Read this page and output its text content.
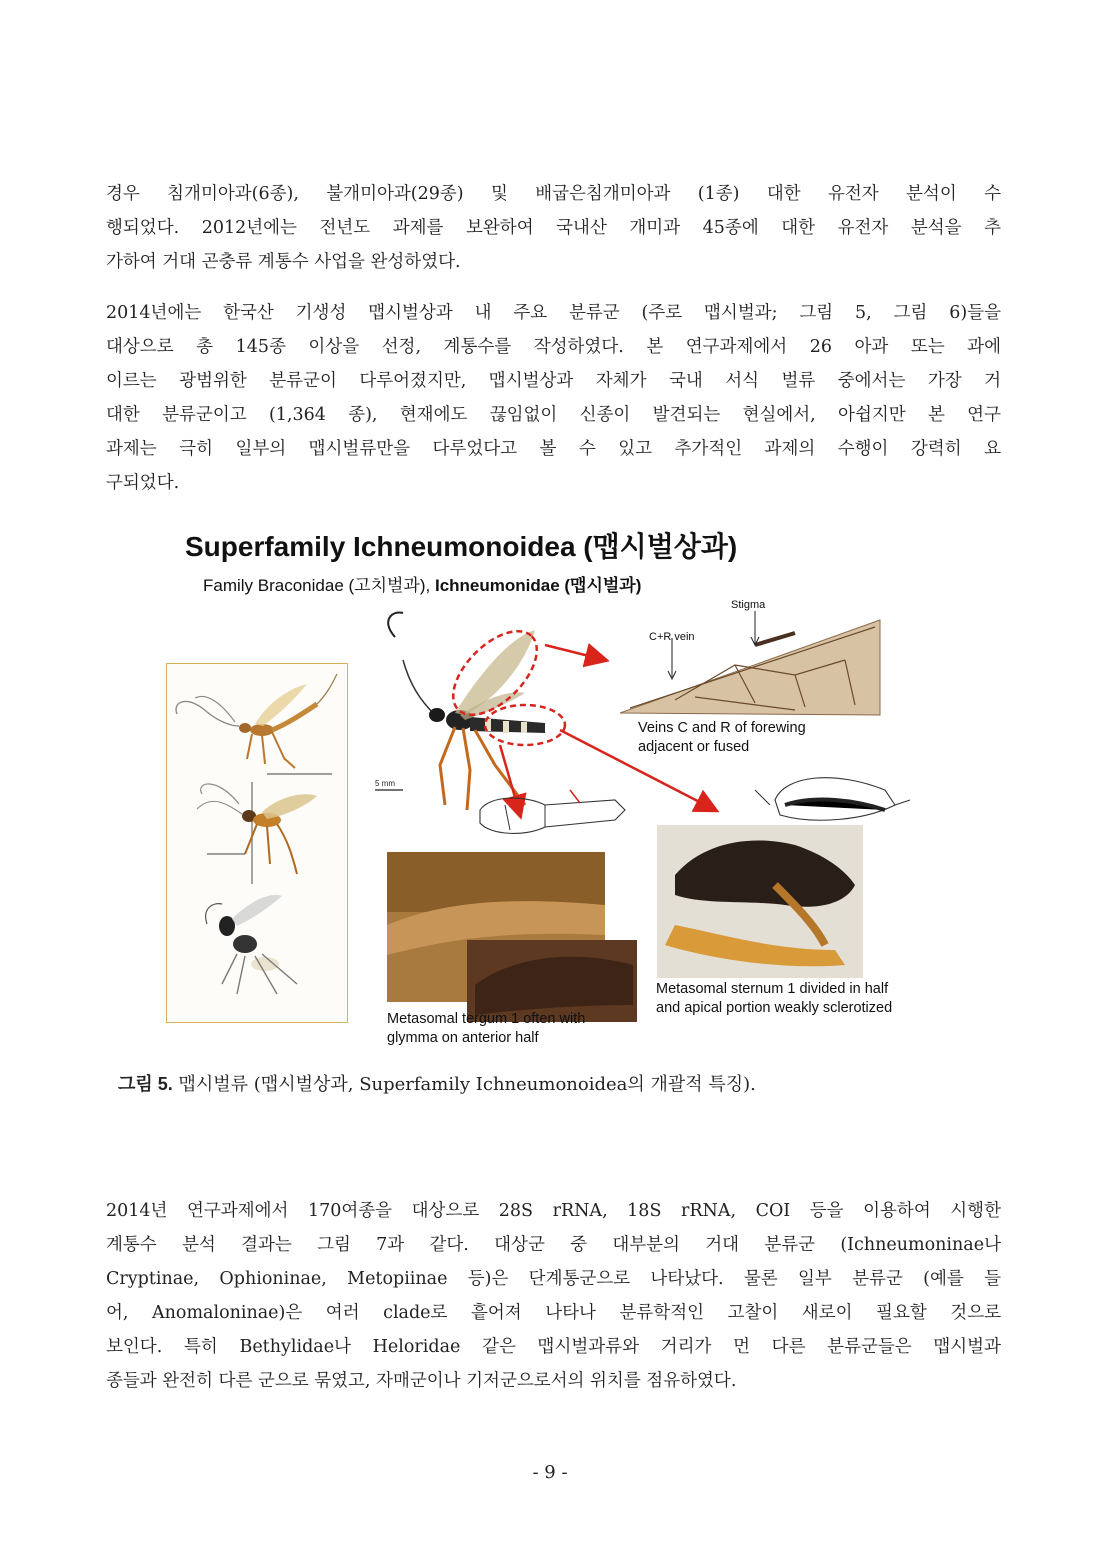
경우 침개미아과(6종), 불개미아과(29종) 및 배굽은침개미아과 (1종) 대한 유전자 분석이 수
행되었다. 2012년에는 전년도 과제를 보완하여 국내산 개미과 45종에 대한 유전자 분석을 추
가하여 거대 곤충류 계통수 사업을 완성하였다.

2014년에는 한국산 기생성 맵시벌상과 내 주요 분류군 (주로 맵시벌과; 그림 5, 그림 6)들을
대상으로 총 145종 이상을 선정, 계통수를 작성하였다. 본 연구과제에서 26 아과 또는 과에
이르는 광범위한 분류군이 다루어졌지만, 맵시벌상과 자체가 국내 서식 벌류 중에서는 가장 거
대한 분류군이고 (1,364 종), 현재에도 끊임없이 신종이 발견되는 현실에서, 아쉽지만 본 연구
과제는 극히 일부의 맵시벌류만을 다루었다고 볼 수 있고 추가적인 과제의 수행이 강력히 요
구되었다.

Superfamily Ichneumonoidea (맵시벌상과)

Family Braconidae (고치벌과), Ichneumonidae (맵시벌과)

5 mm
Stigma
C+R vein
Veins C and R of forewing
adjacent or fused
Metasomal sternum 1 divided in half
and apical portion weakly sclerotized
Metasomal tergum 1 often with
glymma on anterior half

그림 5. 맵시벌류 (맵시벌상과, Superfamily Ichneumonoidea의 개괄적 특징).

2014년 연구과제에서 170여종을 대상으로 28S rRNA, 18S rRNA, COI 등을 이용하여 시행한
계통수 분석 결과는 그림 7과 같다. 대상군 중 대부분의 거대 분류군 (Ichneumoninae나
Cryptinae, Ophioninae, Metopiinae 등)은 단계통군으로 나타났다. 물론 일부 분류군 (예를 들
어, Anomaloninae)은 여러 clade로 흩어져 나타나 분류학적인 고찰이 새로이 필요할 것으로
보인다. 특히 Bethylidae나 Heloridae 같은 맵시벌과류와 거리가 먼 다른 분류군들은 맵시벌과
종들과 완전히 다른 군으로 묶였고, 자매군이나 기저군으로서의 위치를 점유하였다.

- 9 -
